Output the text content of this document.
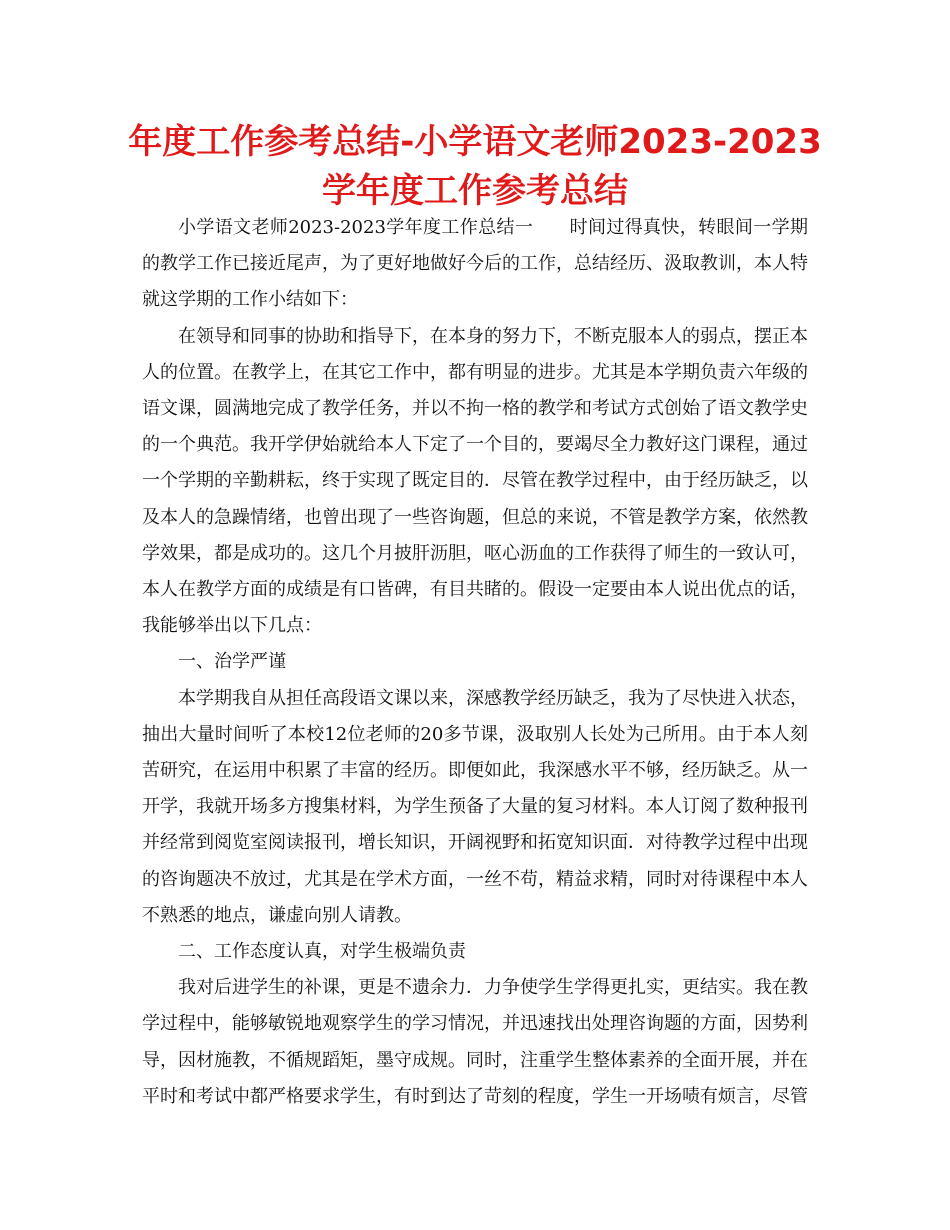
年度工作参考总结-小学语文老师2023-2023学年度工作参考总结

小学语文老师2023-2023学年度工作总结一 时间过得真快，转眼间一学期的教学工作已接近尾声，为了更好地做好今后的工作，总结经历、汲取教训，本人特就这学期的工作小结如下：

在领导和同事的协助和指导下，在本身的努力下，不断克服本人的弱点，摆正本人的位置。在教学上，在其它工作中，都有明显的进步。尤其是本学期负责六年级的语文课，圆满地完成了教学任务，并以不拘一格的教学和考试方式创始了语文教学史的一个典范。我开学伊始就给本人下定了一个目的，要竭尽全力教好这门课程，通过一个学期的辛勤耕耘，终于实现了既定目的．尽管在教学过程中，由于经历缺乏，以及本人的急躁情绪，也曾出现了一些咨询题，但总的来说，不管是教学方案，依然教学效果，都是成功的。这几个月披肝沥胆，呕心沥血的工作获得了师生的一致认可，本人在教学方面的成绩是有口皆碑，有目共睹的。假设一定要由本人说出优点的话，我能够举出以下几点：

一、治学严谨

本学期我自从担任高段语文课以来，深感教学经历缺乏，我为了尽快进入状态，抽出大量时间听了本校12位老师的20多节课，汲取别人长处为己所用。由于本人刻苦研究，在运用中积累了丰富的经历。即便如此，我深感水平不够，经历缺乏。从一开学，我就开场多方搜集材料，为学生预备了大量的复习材料。本人订阅了数种报刊并经常到阅览室阅读报刊，增长知识，开阔视野和拓宽知识面．对待教学过程中出现的咨询题决不放过，尤其是在学术方面，一丝不苟，精益求精，同时对待课程中本人不熟悉的地点，谦虚向别人请教。

二、工作态度认真，对学生极端负责

我对后进学生的补课，更是不遗余力．力争使学生学得更扎实，更结实。我在教学过程中，能够敏锐地观察学生的学习情况，并迅速找出处理咨询题的方面，因势利导，因材施教，不循规蹈矩，墨守成规。同时，注重学生整体素养的全面开展，并在平时和考试中都严格要求学生，有时到达了苛刻的程度，学生一开场啧有烦言，尽管
